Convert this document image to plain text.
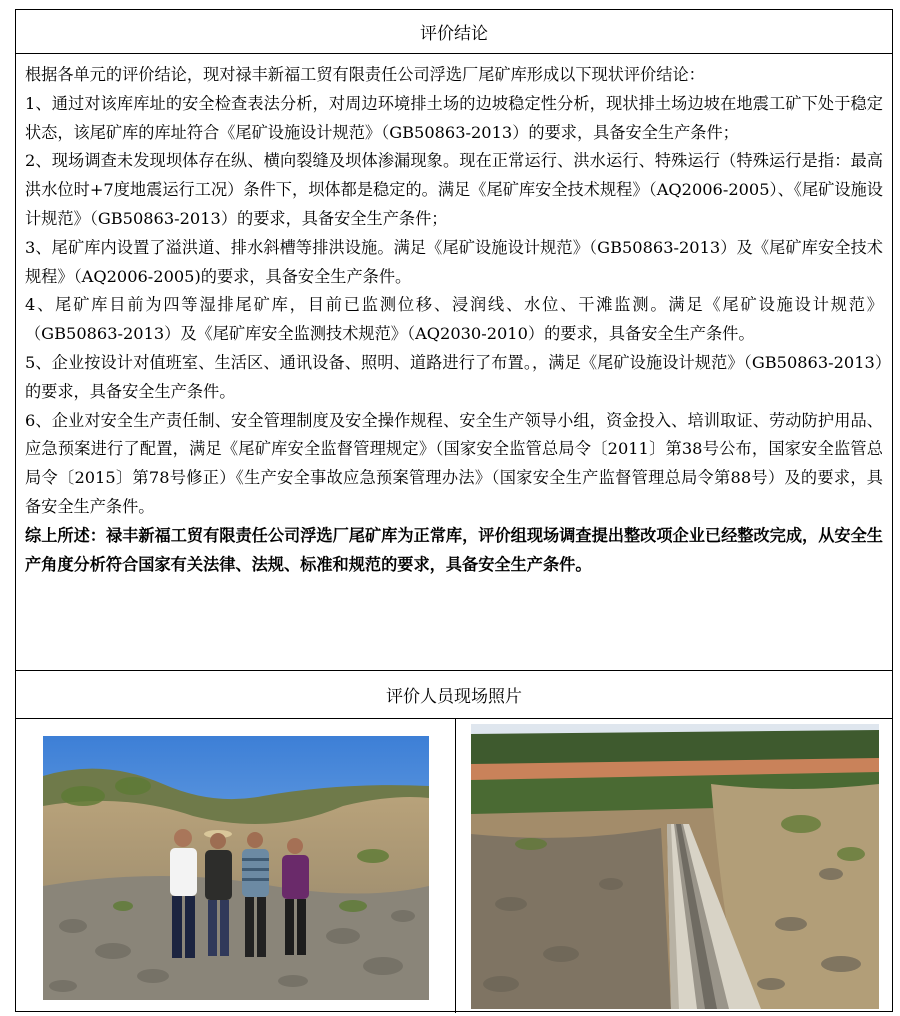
评价结论

根据各单元的评价结论，现对禄丰新福工贸有限责任公司浮选厂尾矿库形成以下现状评价结论：

1、通过对该库库址的安全检查表法分析，对周边环境排土场的边坡稳定性分析，现状排土场边坡在地震工矿下处于稳定状态，该尾矿库的库址符合《尾矿设施设计规范》（GB50863-2013）的要求，具备安全生产条件；

2、现场调查未发现坝体存在纵、横向裂缝及坝体渗漏现象。现在正常运行、洪水运行、特殊运行（特殊运行是指：最高洪水位时+7度地震运行工况）条件下，坝体都是稳定的。满足《尾矿库安全技术规程》（AQ2006-2005）、《尾矿设施设计规范》（GB50863-2013）的要求，具备安全生产条件；

3、尾矿库内设置了溢洪道、排水斜槽等排洪设施。满足《尾矿设施设计规范》（GB50863-2013）及《尾矿库安全技术规程》（AQ2006-2005)的要求，具备安全生产条件。

4、尾矿库目前为四等湿排尾矿库，目前已监测位移、浸润线、水位、干滩监测。满足《尾矿设施设计规范》（GB50863-2013）及《尾矿库安全监测技术规范》（AQ2030-2010）的要求，具备安全生产条件。

5、企业按设计对值班室、生活区、通讯设备、照明、道路进行了布置。，满足《尾矿设施设计规范》（GB50863-2013）的要求，具备安全生产条件。

6、企业对安全生产责任制、安全管理制度及安全操作规程、安全生产领导小组，资金投入、培训取证、劳动防护用品、应急预案进行了配置，满足《尾矿库安全监督管理规定》（国家安全监管总局令〔2011〕第38号公布，国家安全监管总局令〔2015〕第78号修正）《生产安全事故应急预案管理办法》（国家安全生产监督管理总局令第88号）及的要求，具备安全生产条件。

综上所述：禄丰新福工贸有限责任公司浮选厂尾矿库为正常库，评价组现场调查提出整改项企业已经整改完成，从安全生产角度分析符合国家有关法律、法规、标准和规范的要求，具备安全生产条件。

评价人员现场照片
